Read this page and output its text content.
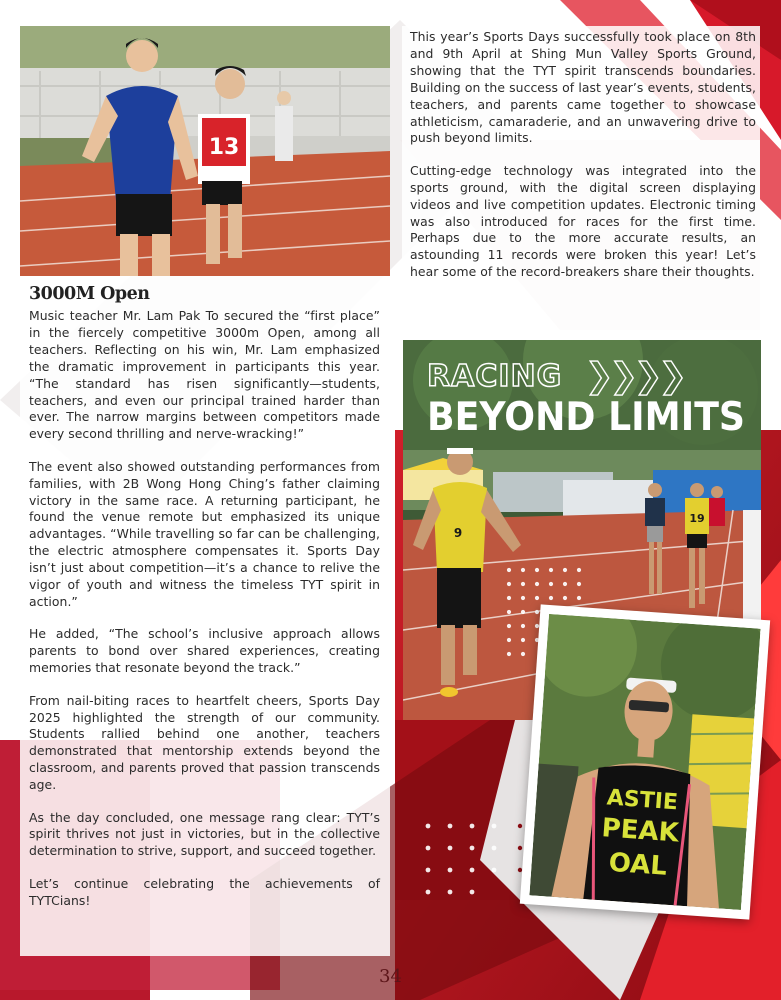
13

This year’s Sports Days successfully took place on 8th and 9th April at Shing Mun Valley Sports Ground, showing that the TYT spirit transcends boundaries. Building on the success of last year’s events, students, teachers, and parents came together to showcase athleticism, camaraderie, and an unwavering drive to push beyond limits.

Cutting-edge technology was integrated into the sports ground, with the digital screen displaying videos and live competition updates. Electronic timing was also introduced for races for the first time. Perhaps due to the more accurate results, an astounding 11 records were broken this year! Let’s hear some of the record-breakers share their thoughts.

Music teacher Mr. Lam Pak To secured the “first place” in the fiercely competitive 3000m Open, among all teachers. Reflecting on his win, Mr. Lam emphasized the dramatic improvement in participants this year. “The standard has risen significantly—students, teachers, and even our principal trained harder than ever. The narrow margins between competitors made every second thrilling and nerve-wracking!”

The event also showed outstanding performances from families, with 2B Wong Hong Ching’s father claiming victory in the same race. A returning participant, he found the venue remote but emphasized its unique advantages. “While travelling so far can be challenging, the electric atmosphere compensates it. Sports Day isn’t just about competition—it’s a chance to relive the vigor of youth and witness the timeless TYT spirit in action.”

He added, “The school’s inclusive approach allows parents to bond over shared experiences, creating memories that resonate beyond the track.”

From nail-biting races to heartfelt cheers, Sports Day 2025 highlighted the strength of our community. Students rallied behind one another, teachers demonstrated that mentorship extends beyond the classroom, and parents proved that passion transcends age.

As the day concluded, one message rang clear: TYT’s spirit thrives not just in victories, but in the collective determination to strive, support, and succeed together.

Let’s continue celebrating the achievements of TYTCians!

3000M Open
9
19
RACING ❯❯❯❯
BEYOND LIMITS
ASTIE
PEAK
OAL
34
